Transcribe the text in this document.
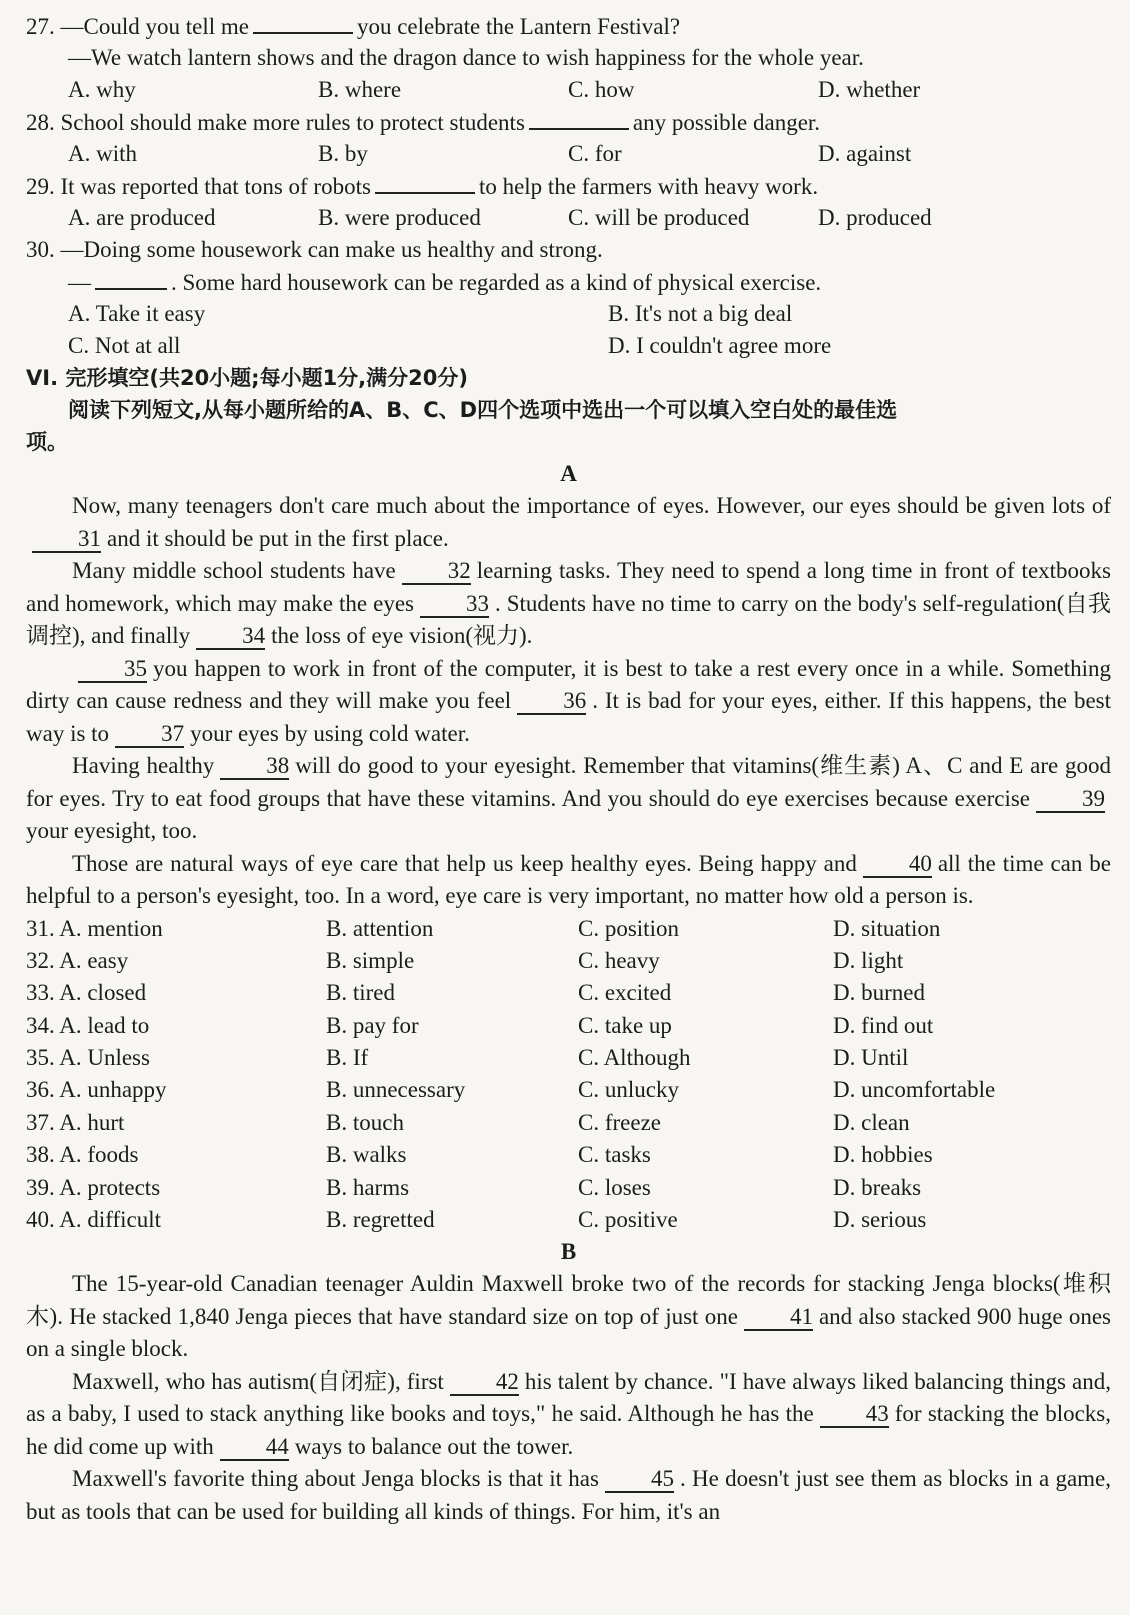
27. —Could you tell me	you celebrate the Lantern Festival?
—We watch lantern shows and the dragon dance to wish happiness for the whole year.
A. why	B. where	C. how	D. whether
28. School should make more rules to protect students	any possible danger.
A. with	B. by	C. for	D. against
29. It was reported that tons of robots	to help the farmers with heavy work.
A. are produced	B. were produced	C. will be produced	D. produced
30. —Doing some housework can make us healthy and strong.
—	. Some hard housework can be regarded as a kind of physical exercise.
A. Take it easy	B. It's not a big deal
C. Not at all	D. I couldn't agree more
VI. 完形填空(共20小题;每小题1分,满分20分)
阅读下列短文,从每小题所给的A、B、C、D四个选项中选出一个可以填入空白处的最佳选
项。
A

Now, many teenagers don't care much about the importance of eyes. However, our eyes should be given lots of31 and it should be put in the first place.

Many middle school students have 32 learning tasks. They need to spend a long time in front of textbooks and homework, which may make the eyes 33 . Students have no time to carry on the body's self-regulation(自我调控), and finally 34 the loss of eye vision(视力).

35 you happen to work in front of the computer, it is best to take a rest every once in a while. Something dirty can cause redness and they will make you feel 36 . It is bad for your eyes, either. If this happens, the best way is to 37 your eyes by using cold water.

Having healthy 38 will do good to your eyesight. Remember that vitamins(维生素) A、C and E are good for eyes. Try to eat food groups that have these vitamins. And you should do eye exercises because exercise 39your eyesight, too.

Those are natural ways of eye care that help us keep healthy eyes. Being happy and 40 all the time can be helpful to a person's eyesight, too. In a word, eye care is very important, no matter how old a person is.

31. A. mention	B. attention	C. position	D. situation
32. A. easy	B. simple	C. heavy	D. light
33. A. closed	B. tired	C. excited	D. burned
34. A. lead to	B. pay for	C. take up	D. find out
35. A. Unless	B. If	C. Although	D. Until
36. A. unhappy	B. unnecessary	C. unlucky	D. uncomfortable
37. A. hurt	B. touch	C. freeze	D. clean
38. A. foods	B. walks	C. tasks	D. hobbies
39. A. protects	B. harms	C. loses	D. breaks
40. A. difficult	B. regretted	C. positive	D. serious
B

The 15-year-old Canadian teenager Auldin Maxwell broke two of the records for stacking Jenga blocks(堆积木). He stacked 1,840 Jenga pieces that have standard size on top of just one 41 and also stacked 900 huge ones on a single block.

Maxwell, who has autism(自闭症), first 42 his talent by chance. "I have always liked balancing things and, as a baby, I used to stack anything like books and toys," he said. Although he has the 43 for stacking the blocks, he did come up with 44 ways to balance out the tower.

Maxwell's favorite thing about Jenga blocks is that it has 45 . He doesn't just see them as blocks in a game, but as tools that can be used for building all kinds of things. For him, it's an
